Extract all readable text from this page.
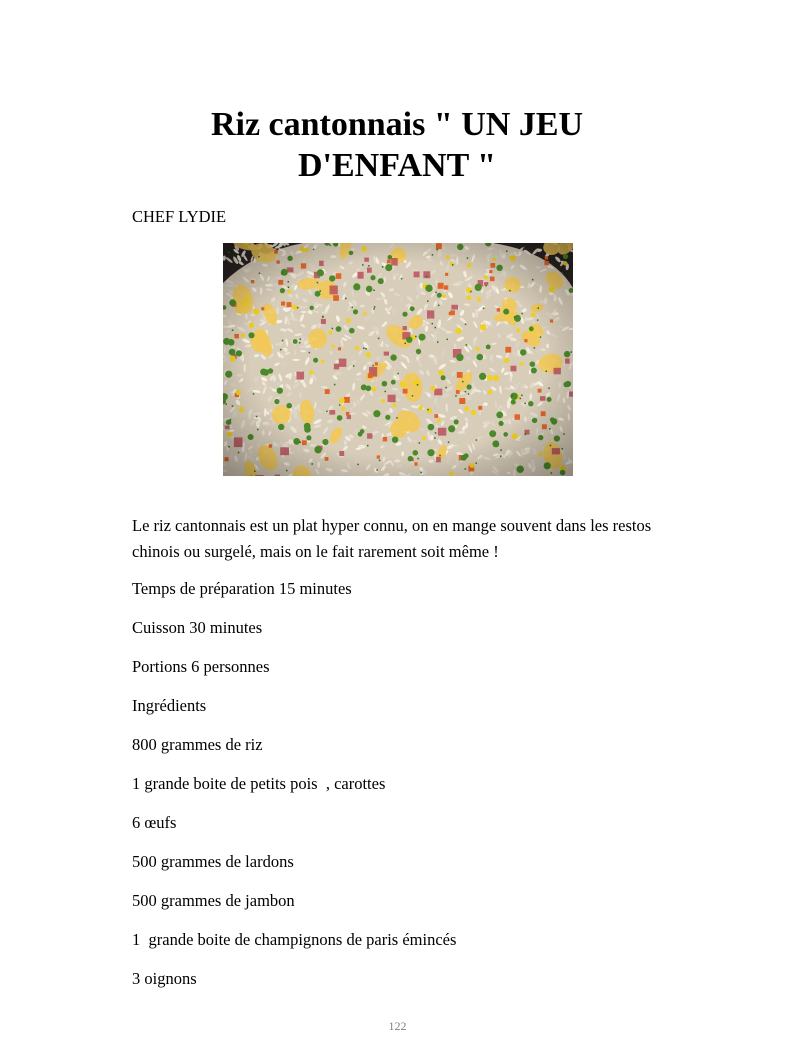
Riz cantonnais " UN JEU D'ENFANT "

CHEF LYDIE

Le riz cantonnais est un plat hyper connu, on en mange souvent dans les restos chinois ou surgelé, mais on le fait rarement soit même !

Temps de préparation 15 minutes
Cuisson 30 minutes
Portions 6 personnes
Ingrédients
800 grammes de riz
1 grande boite de petits pois  , carottes
6 œufs
500 grammes de lardons
500 grammes de jambon
1  grande boite de champignons de paris émincés
3 oignons
122
